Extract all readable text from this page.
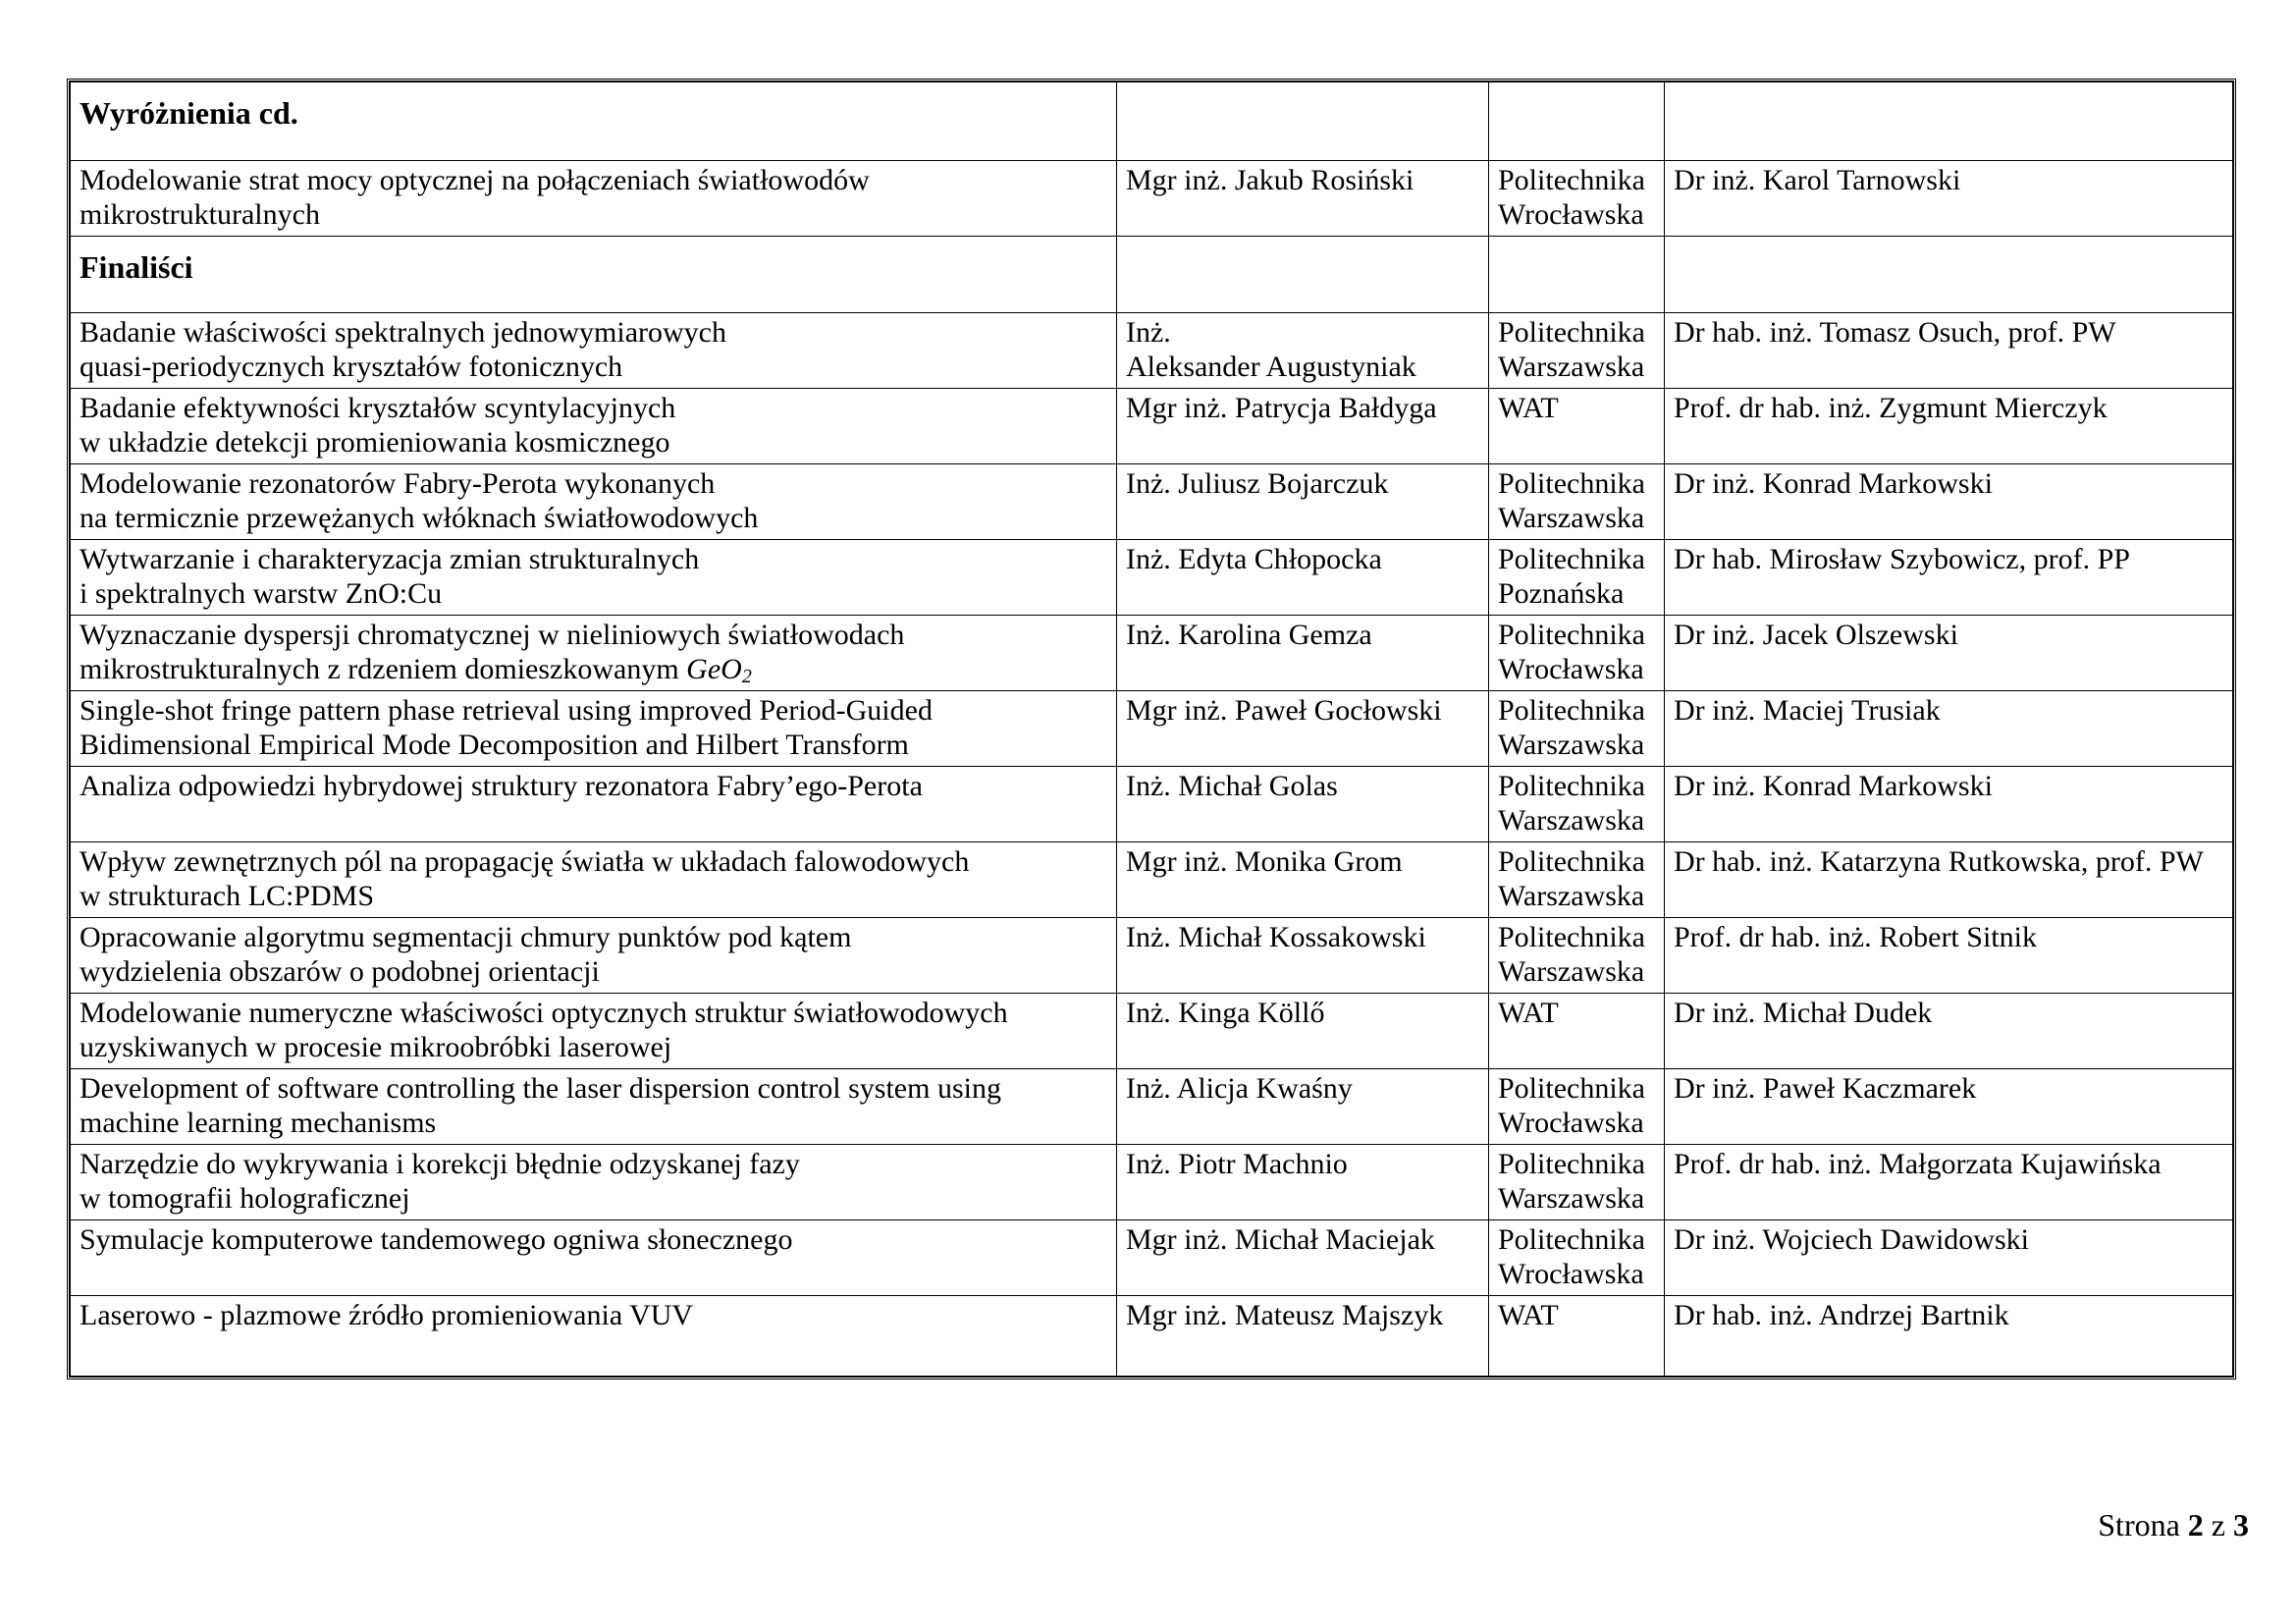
Wyróżnienia cd.			

Modelowanie strat mocy optycznej na połączeniach światłowodów
mikrostrukturalnych	Mgr inż. Jakub Rosiński	Politechnika
Wrocławska	Dr inż. Karol Tarnowski

Finaliści			

Badanie właściwości spektralnych jednowymiarowych
quasi-periodycznych kryształów fotonicznych	Inż.
Aleksander Augustyniak	Politechnika
Warszawska	Dr hab. inż. Tomasz Osuch, prof. PW

Badanie efektywności kryształów scyntylacyjnych
w układzie detekcji promieniowania kosmicznego	Mgr inż. Patrycja Bałdyga	WAT	Prof. dr hab. inż. Zygmunt Mierczyk

Modelowanie rezonatorów Fabry-Perota wykonanych
na termicznie przewężanych włóknach światłowodowych	Inż. Juliusz Bojarczuk	Politechnika
Warszawska	Dr inż. Konrad Markowski

Wytwarzanie i charakteryzacja zmian strukturalnych
i spektralnych warstw ZnO:Cu	Inż. Edyta Chłopocka	Politechnika
Poznańska	Dr hab. Mirosław Szybowicz, prof. PP

Wyznaczanie dyspersji chromatycznej w nieliniowych światłowodach
mikrostrukturalnych z rdzeniem domieszkowanym GeO$_2$	Inż. Karolina Gemza	Politechnika
Wrocławska	Dr inż. Jacek Olszewski

Single-shot fringe pattern phase retrieval using improved Period-Guided
Bidimensional Empirical Mode Decomposition and Hilbert Transform	Mgr inż. Paweł Gocłowski	Politechnika
Warszawska	Dr inż. Maciej Trusiak

Analiza odpowiedzi hybrydowej struktury rezonatora Fabry’ego-Perota	Inż. Michał Golas	Politechnika
Warszawska	Dr inż. Konrad Markowski

Wpływ zewnętrznych pól na propagację światła w układach falowodowych
w strukturach LC:PDMS	Mgr inż. Monika Grom	Politechnika
Warszawska	Dr hab. inż. Katarzyna Rutkowska, prof. PW

Opracowanie algorytmu segmentacji chmury punktów pod kątem
wydzielenia obszarów o podobnej orientacji	Inż. Michał Kossakowski	Politechnika
Warszawska	Prof. dr hab. inż. Robert Sitnik

Modelowanie numeryczne właściwości optycznych struktur światłowodowych
uzyskiwanych w procesie mikroobróbki laserowej	Inż. Kinga Köllő	WAT	Dr inż. Michał Dudek

Development of software controlling the laser dispersion control system using
machine learning mechanisms	Inż. Alicja Kwaśny	Politechnika
Wrocławska	Dr inż. Paweł Kaczmarek

Narzędzie do wykrywania i korekcji błędnie odzyskanej fazy
w tomografii holograficznej	Inż. Piotr Machnio	Politechnika
Warszawska	Prof. dr hab. inż. Małgorzata Kujawińska

Symulacje komputerowe tandemowego ogniwa słonecznego	Mgr inż. Michał Maciejak	Politechnika
Wrocławska	Dr inż. Wojciech Dawidowski

Laserowo - plazmowe źródło promieniowania VUV	Mgr inż. Mateusz Majszyk	WAT	Dr hab. inż. Andrzej Bartnik
Strona 2 z 3
